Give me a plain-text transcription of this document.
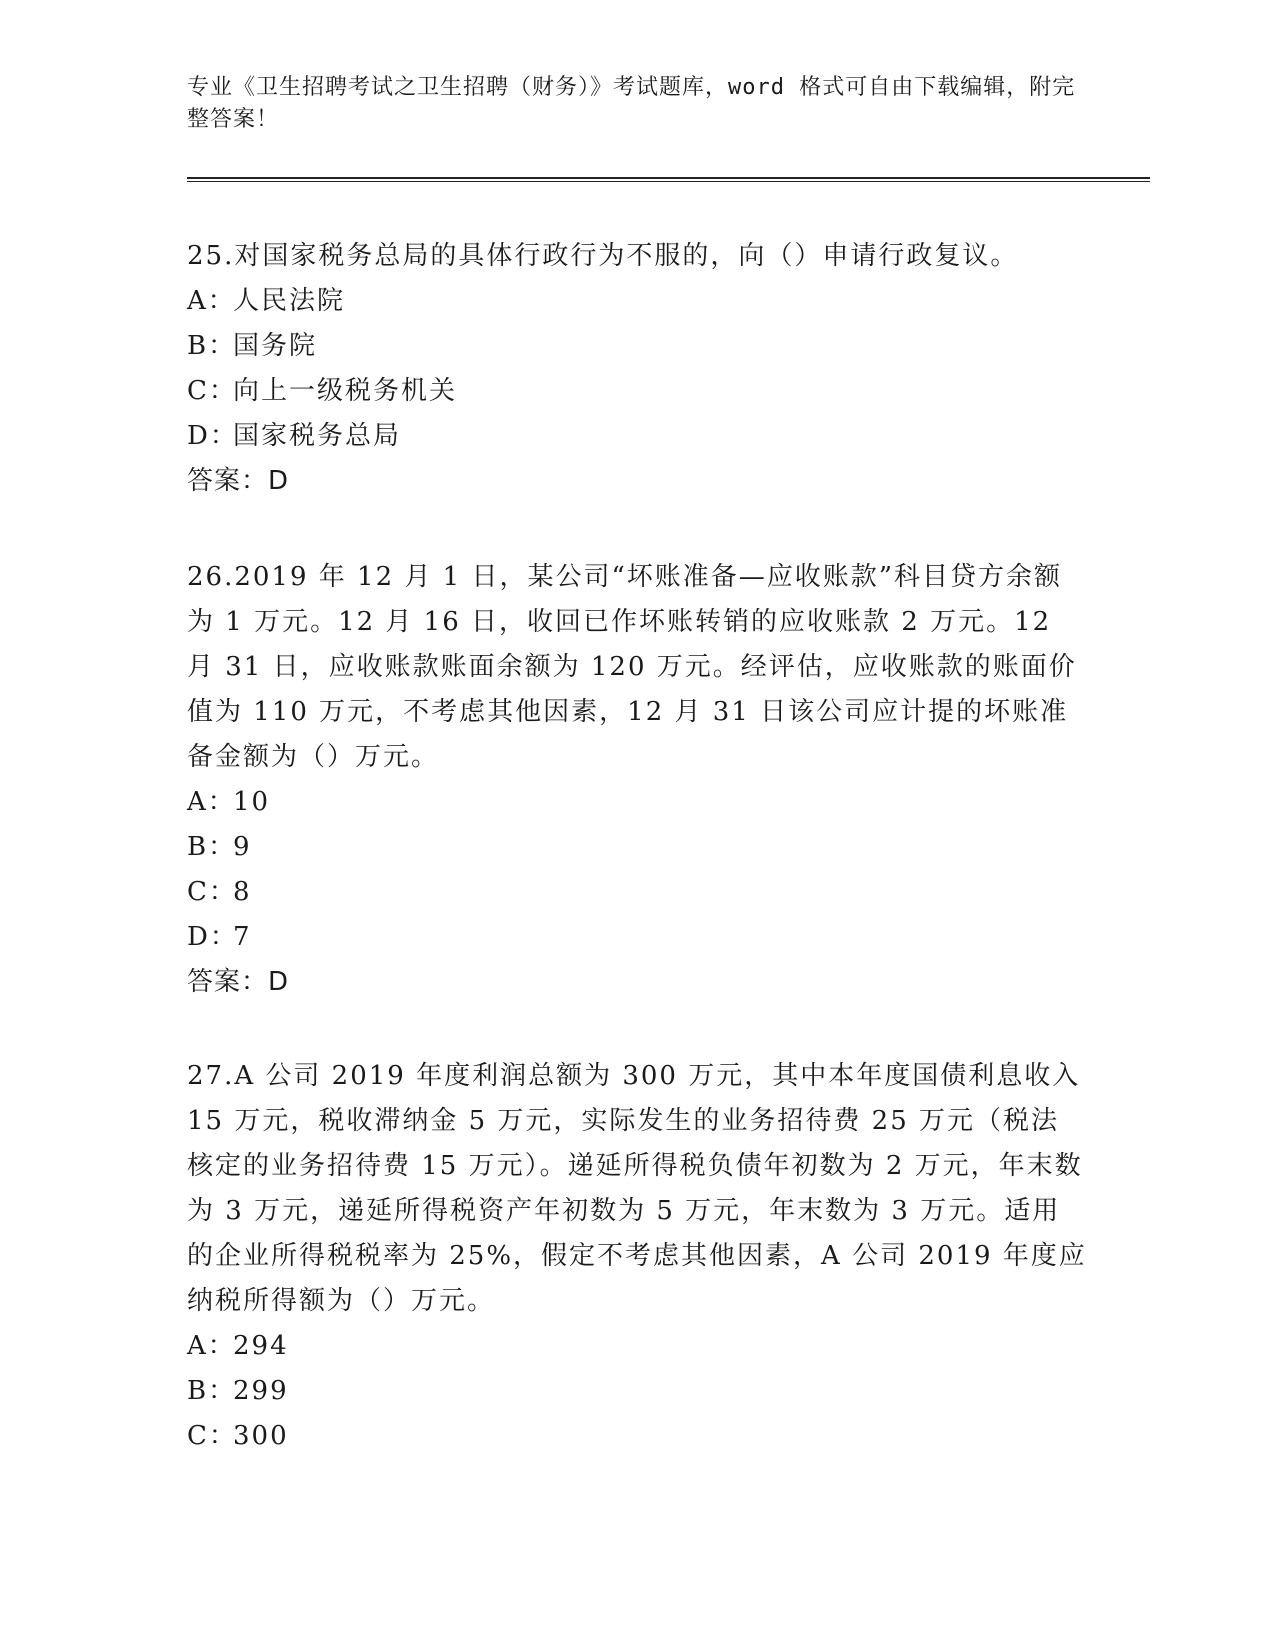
专业《卫生招聘考试之卫生招聘（财务）》考试题库，word 格式可自由下载编辑，附完整答案！

25.对国家税务总局的具体行政行为不服的，向（）申请行政复议。

A：人民法院

B：国务院

C：向上一级税务机关

D：国家税务总局

答案：D

26.2019 年 12 月 1 日，某公司“坏账准备—应收账款”科目贷方余额为 1 万元。12 月 16 日，收回已作坏账转销的应收账款 2 万元。12 月 31 日，应收账款账面余额为 120 万元。经评估，应收账款的账面价值为 110 万元，不考虑其他因素，12 月 31 日该公司应计提的坏账准备金额为（）万元。

A：10

B：9

C：8

D：7

答案：D

27.A 公司 2019 年度利润总额为 300 万元，其中本年度国债利息收入 15 万元，税收滞纳金 5 万元，实际发生的业务招待费 25 万元（税法核定的业务招待费 15 万元）。递延所得税负债年初数为 2 万元，年末数为 3 万元，递延所得税资产年初数为 5 万元，年末数为 3 万元。适用的企业所得税税率为 25%，假定不考虑其他因素，A 公司 2019 年度应纳税所得额为（）万元。

A：294

B：299

C：300
